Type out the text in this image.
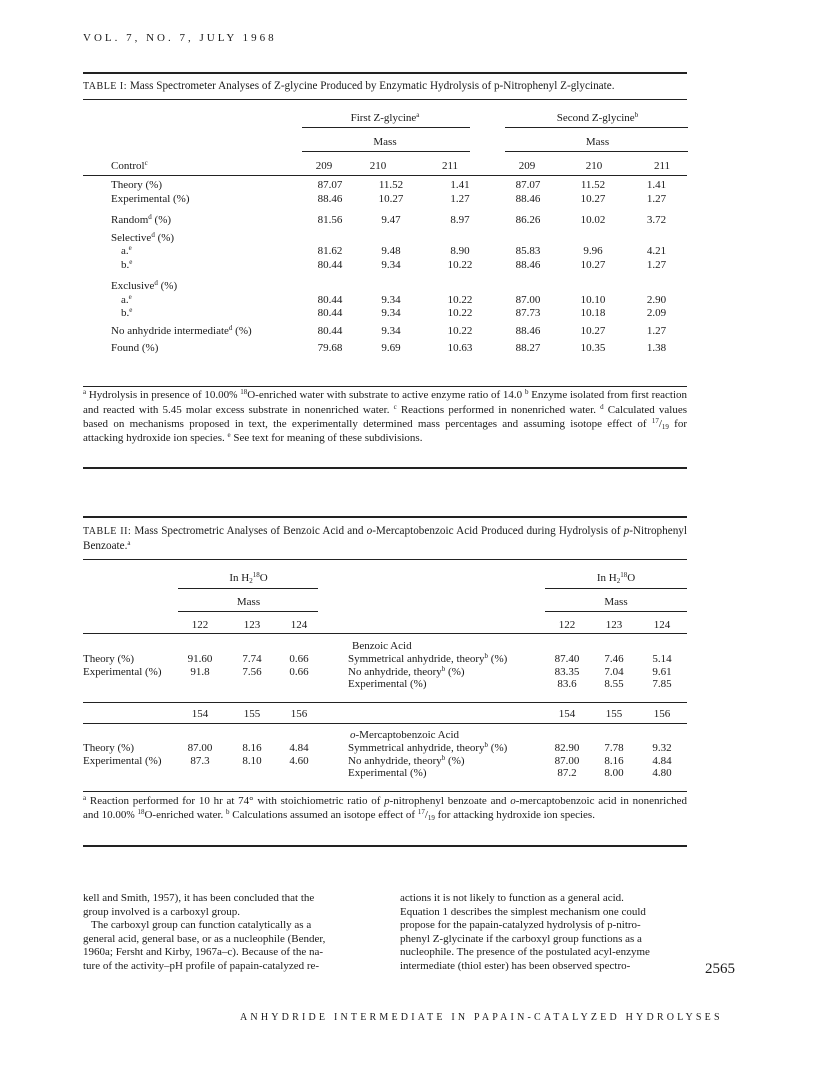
VOL. 7, NO. 7, JULY 1968
TABLE I: Mass Spectrometer Analyses of Z-glycine Produced by Enzymatic Hydrolysis of p-Nitrophenyl Z-glycinate.
First Z-glycine$^a$	Second Z-glycine$^b$
Mass	Mass
Control$^c$	209	210	211	209	210	211
Theory (%)	87.07	11.52	1.41	87.07	11.52	1.41
Experimental (%)	88.46	10.27	1.27	88.46	10.27	1.27

Random$^d$ (%)	81.56	9.47	8.97	86.26	10.02	3.72

Selective$^d$ (%)						
a.$^e$	81.62	9.48	8.90	85.83	9.96	4.21
b.$^e$	80.44	9.34	10.22	88.46	10.27	1.27

Exclusive$^d$ (%)						
a.$^e$	80.44	9.34	10.22	87.00	10.10	2.90
b.$^e$	80.44	9.34	10.22	87.73	10.18	2.09

No anhydride intermediate$^d$ (%)	80.44	9.34	10.22	88.46	10.27	1.27

Found (%)	79.68	9.69	10.63	88.27	10.35	1.38
$^a$ Hydrolysis in presence of 10.00% $^{18}$O-enriched water with substrate to active enzyme ratio of 14.0 $^b$ Enzyme isolated from first reaction and reacted with 5.45 molar excess substrate in nonenriched water. $^c$ Reactions performed in nonenriched water. $^d$ Calculated values based on mechanisms proposed in text, the experimentally determined mass percentages and assuming isotope effect of $^{17}/_{19}$ for attacking hydroxide ion species. $^e$ See text for meaning of these subdivisions.
TABLE II: Mass Spectrometric Analyses of Benzoic Acid and o-Mercaptobenzoic Acid Produced during Hydrolysis of p-Nitrophenyl Benzoate.$^a$
In $H_2^{18}O$	In $H_2^{18}O$
Mass	Mass
122	123	124	122	123	124
Benzoic Acid
Theory (%)	91.60	7.74	0.66
Experimental (%)	91.8	7.56	0.66
Symmetrical anhydride, theory$^b$ (%)	87.40	7.46	5.14
No anhydride, theory$^b$ (%)	83.35	7.04	9.61
Experimental (%)	83.6	8.55	7.85
154	155	156	154	155	156
o-Mercaptobenzoic Acid
Theory (%)	87.00	8.16	4.84
Experimental (%)	87.3	8.10	4.60
Symmetrical anhydride, theory$^b$ (%)	82.90	7.78	9.32
No anhydride, theory$^b$ (%)	87.00	8.16	4.84
Experimental (%)	87.2	8.00	4.80
$^a$ Reaction performed for 10 hr at 74° with stoichiometric ratio of p-nitrophenyl benzoate and o-mercaptobenzoic acid in nonenriched and 10.00% $^{18}$O-enriched water. $^b$ Calculations assumed an isotope effect of $^{17}/_{19}$ for attacking hydroxide ion species.
kell and Smith, 1957), it has been concluded that the
group involved is a carboxyl group.
The carboxyl group can function catalytically as a
general acid, general base, or as a nucleophile (Bender,
1960a; Fersht and Kirby, 1967a–c). Because of the na-
ture of the activity–pH profile of papain-catalyzed re-
actions it is not likely to function as a general acid.
Equation 1 describes the simplest mechanism one could
propose for the papain-catalyzed hydrolysis of p-nitro-
phenyl Z-glycinate if the carboxyl group functions as a
nucleophile. The presence of the postulated acyl-enzyme
intermediate (thiol ester) has been observed spectro-	2565
ANHYDRIDE INTERMEDIATE IN PAPAIN-CATALYZED HYDROLYSES
